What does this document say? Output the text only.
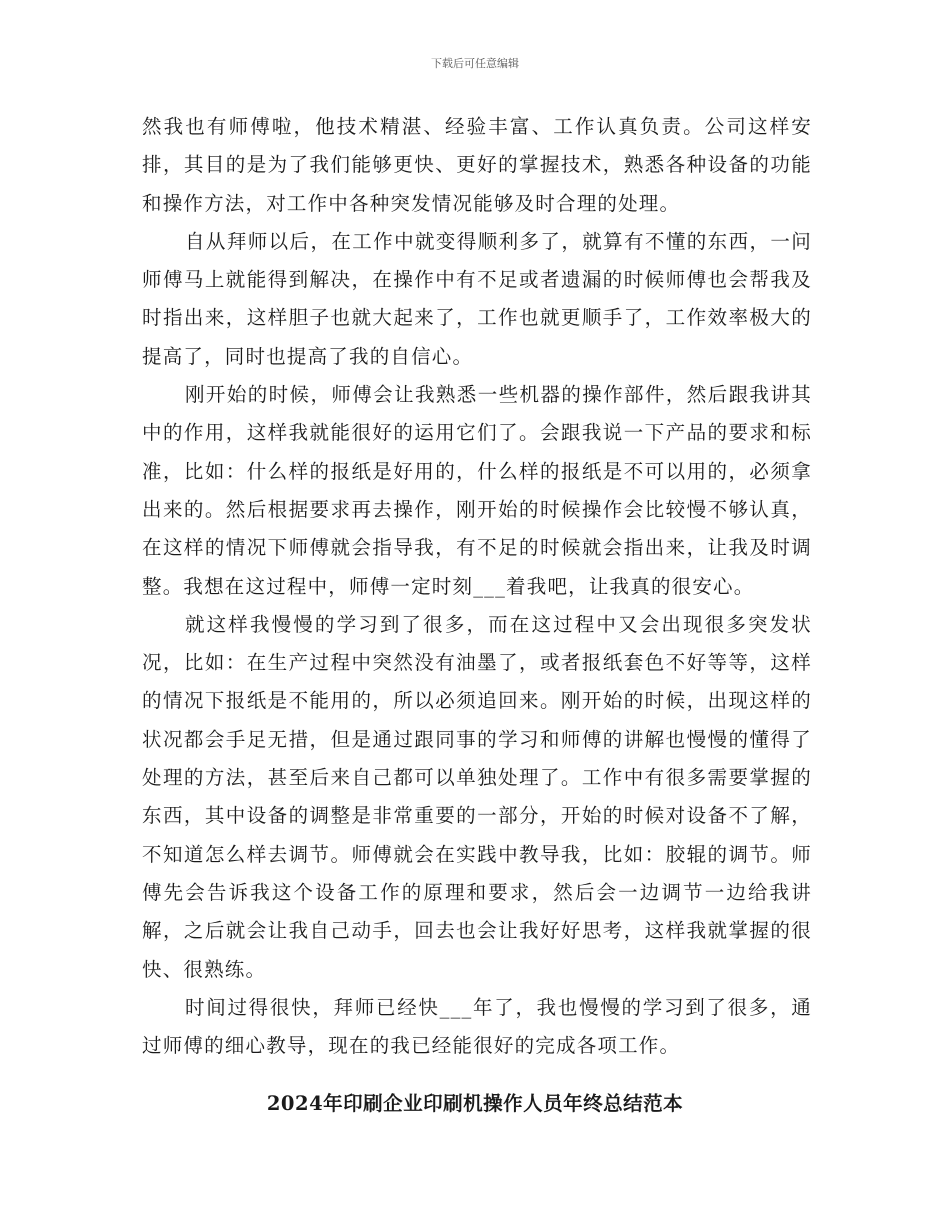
下载后可任意编辑

然我也有师傅啦，他技术精湛、经验丰富、工作认真负责。公司这样安排，其目的是为了我们能够更快、更好的掌握技术，熟悉各种设备的功能和操作方法，对工作中各种突发情况能够及时合理的处理。

自从拜师以后，在工作中就变得顺利多了，就算有不懂的东西，一问师傅马上就能得到解决，在操作中有不足或者遗漏的时候师傅也会帮我及时指出来，这样胆子也就大起来了，工作也就更顺手了，工作效率极大的提高了，同时也提高了我的自信心。

刚开始的时候，师傅会让我熟悉一些机器的操作部件，然后跟我讲其中的作用，这样我就能很好的运用它们了。会跟我说一下产品的要求和标准，比如：什么样的报纸是好用的，什么样的报纸是不可以用的，必须拿出来的。然后根据要求再去操作，刚开始的时候操作会比较慢不够认真，在这样的情况下师傅就会指导我，有不足的时候就会指出来，让我及时调整。我想在这过程中，师傅一定时刻___着我吧，让我真的很安心。

就这样我慢慢的学习到了很多，而在这过程中又会出现很多突发状况，比如：在生产过程中突然没有油墨了，或者报纸套色不好等等，这样的情况下报纸是不能用的，所以必须追回来。刚开始的时候，出现这样的状况都会手足无措，但是通过跟同事的学习和师傅的讲解也慢慢的懂得了处理的方法，甚至后来自己都可以单独处理了。工作中有很多需要掌握的东西，其中设备的调整是非常重要的一部分，开始的时候对设备不了解，不知道怎么样去调节。师傅就会在实践中教导我，比如：胶辊的调节。师傅先会告诉我这个设备工作的原理和要求，然后会一边调节一边给我讲解，之后就会让我自己动手，回去也会让我好好思考，这样我就掌握的很快、很熟练。

时间过得很快，拜师已经快___年了，我也慢慢的学习到了很多，通过师傅的细心教导，现在的我已经能很好的完成各项工作。

2024年印刷企业印刷机操作人员年终总结范本
